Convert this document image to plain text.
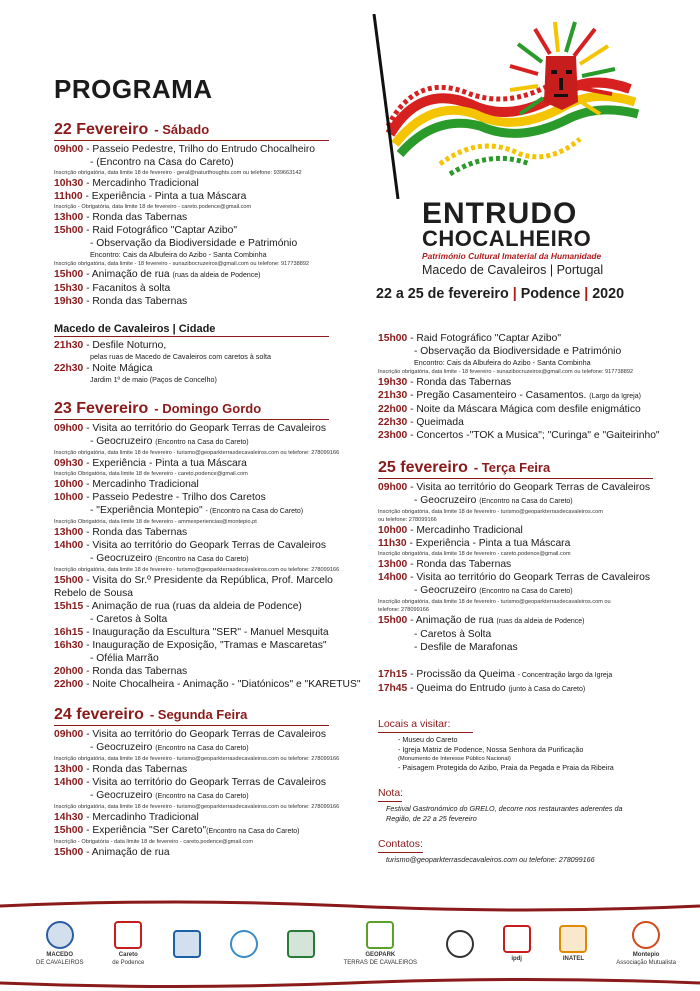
PROGRAMA
ENTRUDO
CHOCALHEIRO
Património Cultural Imaterial da Humanidade
Macedo de Cavaleiros | Portugal
22 a 25 de fevereiro | Podence | 2020
22 Fevereiro - Sábado
09h00 - Passeio Pedestre, Trilho do Entrudo Chocalheiro
- (Encontro na Casa do Careto)
Inscrição obrigatória, data limite 18 de fevereiro - geral@naturthoughts.com ou telefone: 939663142
10h30 - Mercadinho Tradicional
11h00 - Experiência - Pinta a tua Máscara
Inscrição - Obrigatória, data limite 18 de fevereiro - careto.podence@gmail.com
13h00 - Ronda das Tabernas
15h00 - Raid Fotográfico "Captar Azibo"
- Observação da Biodiversidade e Património
Encontro: Cais da Albufeira do Azibo - Santa Combinha
Inscrição obrigatória, data limite - 18 fevereiro - sunazibocruzeiros@gmail.com ou telefone: 917738892
15h00 - Animação de rua (ruas da aldeia de Podence)
15h30 - Facanitos à solta
19h30 - Ronda das Tabernas
Macedo de Cavaleiros | Cidade
21h30 - Desfile Noturno,
pelas ruas de Macedo de Cavaleiros com caretos à solta
22h30 - Noite Mágica
Jardim 1º de maio (Paços de Concelho)
23 Fevereiro - Domingo Gordo
09h00 - Visita ao território do Geopark Terras de Cavaleiros
- Geocruzeiro (Encontro na Casa do Careto)
Inscrição obrigatória, data limite 18 de fevereiro - turismo@geoparkterrasdecavaleiros.com ou telefone: 278099166
09h30 - Experiência - Pinta a tua Máscara
Inscrição Obrigatória, data limite 18 de fevereiro - careto.podence@gmail.com
10h00 - Mercadinho Tradicional
10h00 - Passeio Pedestre - Trilho dos Caretos
- "Experiência Montepio" - (Encontro na Casa do Careto)
Inscrição Obrigatória, data limite 18 de fevereiro - ammexperiencias@montepio.pt
13h00 - Ronda das Tabernas
14h00 - Visita ao território do Geopark Terras de Cavaleiros
- Geocruzeiro (Encontro na Casa do Careto)
Inscrição obrigatória, data limite 18 de fevereiro - turismo@geoparkterrasdecavaleiros.com ou telefone: 278099166
15h00 - Visita do Sr.º Presidente da República, Prof. Marcelo
Rebelo de Sousa
15h15 - Animação de rua (ruas da aldeia de Podence)
- Caretos à Solta
16h15 - Inauguração da Escultura "SER" - Manuel Mesquita
16h30 - Inauguração de Exposição, "Tramas e Mascaretas"
- Ofélia Marrão
20h00 - Ronda das Tabernas
22h00 - Noite Chocalheira - Animação - "Diatónicos" e "KARETUS"
24 fevereiro - Segunda Feira
09h00 - Visita ao território do Geopark Terras de Cavaleiros
- Geocruzeiro (Encontro na Casa do Careto)
Inscrição obrigatória, data limite 18 de fevereiro - turismo@geoparkterrasdecavaleiros.com ou telefone: 278099166
13h00 - Ronda das Tabernas
14h00 - Visita ao território do Geopark Terras de Cavaleiros
- Geocruzeiro (Encontro na Casa do Careto)
Inscrição obrigatória, data limite 18 de fevereiro - turismo@geoparkterrasdecavaleiros.com ou telefone: 278099166
14h30 - Mercadinho Tradicional
15h00 - Experiência "Ser Careto"(Encontro na Casa do Careto)
Inscrição - Obrigatória - data limite 18 de fevereiro - careto.podence@gmail.com
15h00 - Animação de rua
15h00 - Raid Fotográfico "Captar Azibo"
- Observação da Biodiversidade e Património
Encontro: Cais da Albufeira do Azibo - Santa Combinha
Inscrição obrigatória, data limite - 18 fevereiro - sunazibocruzeiros@gmail.com ou telefone: 917738892
19h30 - Ronda das Tabernas
21h30 - Pregão Casamenteiro - Casamentos. (Largo da Igreja)
22h00 - Noite da Máscara Mágica com desfile enigmático
22h30 - Queimada
23h00 - Concertos -"TOK a Musica"; "Curinga" e "Gaiteirinho"
25 fevereiro - Terça Feira
09h00 - Visita ao território do Geopark Terras de Cavaleiros
- Geocruzeiro (Encontro na Casa do Careto)
Inscrição obrigatória, data limite 18 de fevereiro - turismo@geoparkterrasdecavaleiros.com
ou telefone: 278099166
10h00 - Mercadinho Tradicional
11h30 - Experiência - Pinta a tua Máscara
Inscrição obrigatória, data limite 18 de fevereiro - careto.podence@gmail.com
13h00 - Ronda das Tabernas
14h00 - Visita ao território do Geopark Terras de Cavaleiros
- Geocruzeiro (Encontro na Casa do Careto)
Inscrição obrigatória, data limite 18 de fevereiro - turismo@geoparkterrasdecavaleiros.com ou
telefone: 278099166
15h00 - Animação de rua (ruas da aldeia de Podence)
- Caretos à Solta
- Desfile de Marafonas
17h15 - Procissão da Queima - Concentração largo da Igreja
17h45 - Queima do Entrudo (junto à Casa do Careto)
Locais a visitar:
- Museu do Careto
- Igreja Matriz de Podence, Nossa Senhora da Purificação
(Monumento de Interesse Público Nacional)
- Paisagem Protegida do Azibo, Praia da Pegada e Praia da Ribeira
Nota:
Festival Gastronómico do GRELO, decorre nos restaurantes aderentes da
Região, de 22 a 25 fevereiro
Contatos:
turismo@geoparkterrasdecavaleiros.com ou telefone: 278099166
MACEDO
DE CAVALEIROS
Careto
de Podence
GEOPARK
TERRAS DE CAVALEIROS
ipdj	INATEL
Montepio
Associação Mutualista
